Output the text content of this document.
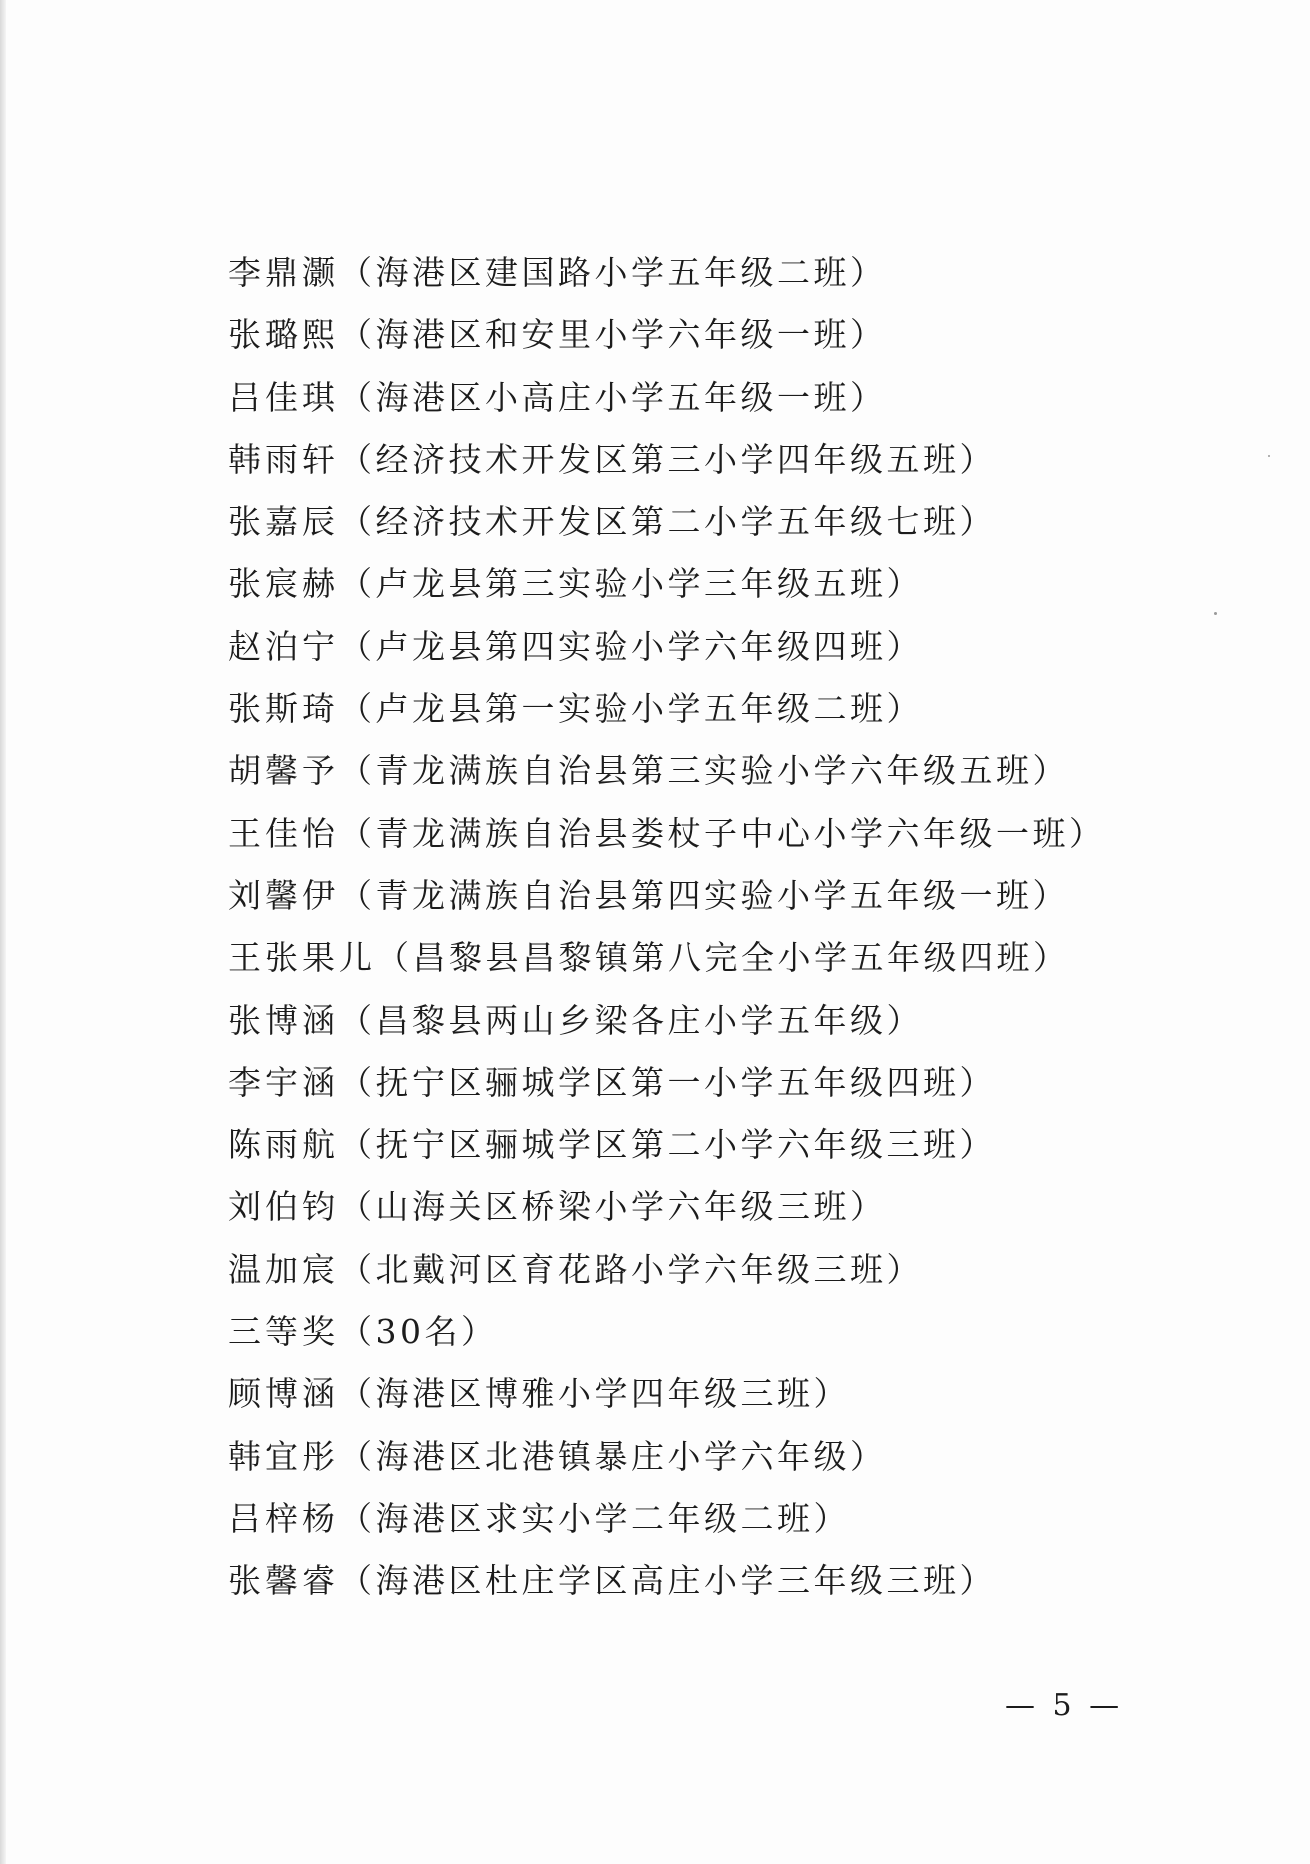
李鼎灏（海港区建国路小学五年级二班）
张璐熙（海港区和安里小学六年级一班）
吕佳琪（海港区小高庄小学五年级一班）
韩雨轩（经济技术开发区第三小学四年级五班）
张嘉辰（经济技术开发区第二小学五年级七班）
张宸赫（卢龙县第三实验小学三年级五班）
赵泊宁（卢龙县第四实验小学六年级四班）
张斯琦（卢龙县第一实验小学五年级二班）
胡馨予（青龙满族自治县第三实验小学六年级五班）
王佳怡（青龙满族自治县娄杖子中心小学六年级一班）
刘馨伊（青龙满族自治县第四实验小学五年级一班）
王张果儿（昌黎县昌黎镇第八完全小学五年级四班）
张博涵（昌黎县两山乡梁各庄小学五年级）
李宇涵（抚宁区骊城学区第一小学五年级四班）
陈雨航（抚宁区骊城学区第二小学六年级三班）
刘伯钧（山海关区桥梁小学六年级三班）
温加宸（北戴河区育花路小学六年级三班）
三等奖（30名）
顾博涵（海港区博雅小学四年级三班）
韩宜彤（海港区北港镇暴庄小学六年级）
吕梓杨（海港区求实小学二年级二班）
张馨睿（海港区杜庄学区高庄小学三年级三班）
— 5 —
